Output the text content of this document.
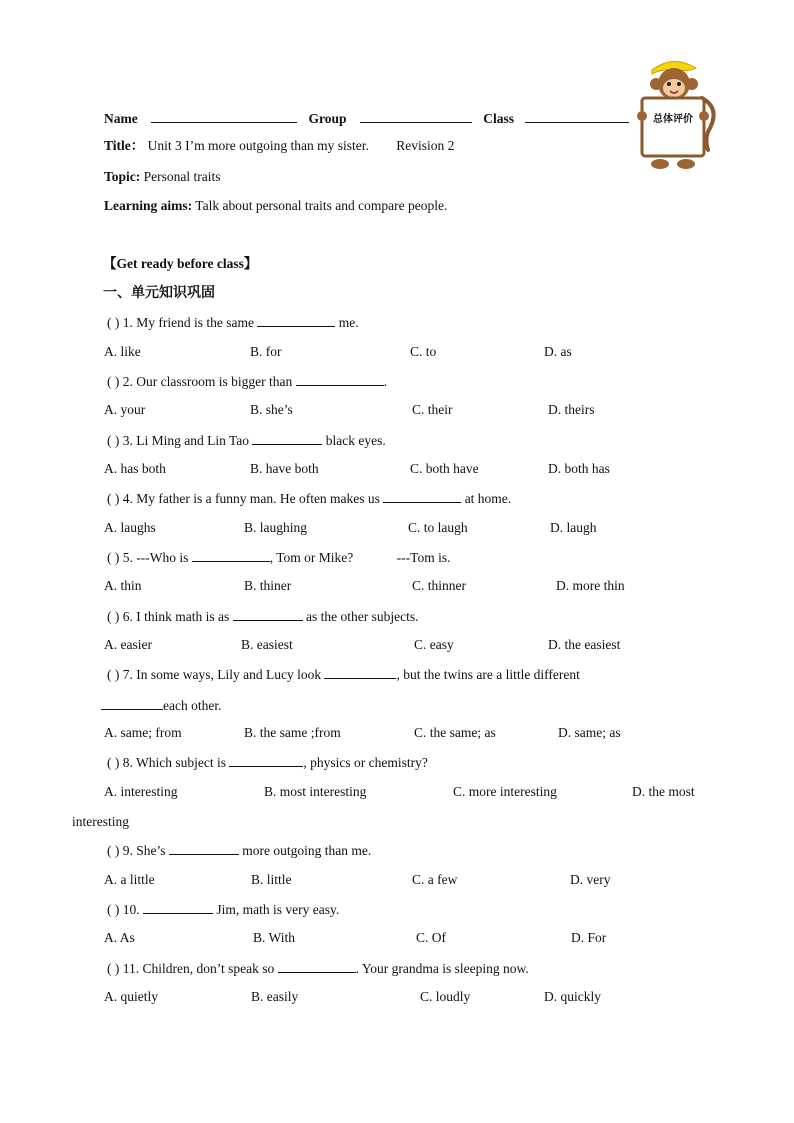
Name	Group	Class
Title： Unit 3 I’m more outgoing than my sister. Revision 2
Topic: Personal traits
Learning aims: Talk about personal traits and compare people.
总体评价
【Get ready before class】
一、单元知识巩固
( ) 1. My friend is the same	me.
A. like	B. for	C. to	D. as
( ) 2. Our classroom is bigger than	.
A. your	B. she’s	C. their	D. theirs
( ) 3. Li Ming and Lin Tao	black eyes.
A. has both	B. have both	C. both have	D. both has
( ) 4. My father is a funny man. He often makes us	at home.
A. laughs	B. laughing	C. to laugh	D. laugh
( ) 5. ---Who is	, Tom or Mike?	---Tom is.
A. thin	B. thiner	C. thinner	D. more thin
( ) 6. I think math is as	as the other subjects.
A. easier	B. easiest	C. easy	D. the easiest
( ) 7. In some ways, Lily and Lucy look	, but the twins are a little different
each other.
A. same; from	B. the same ;from	C. the same; as	D. same; as
( ) 8. Which subject is	, physics or chemistry?
A. interesting	B. most interesting	C. more interesting	D. the most
interesting
( ) 9. She’s	more outgoing than me.
A. a little	B. little	C. a few	D. very
( ) 10.	Jim, math is very easy.
A. As	B. With	C. Of	D. For
( ) 11. Children, don’t speak so	. Your grandma is sleeping now.
A. quietly	B. easily	C. loudly	D. quickly
